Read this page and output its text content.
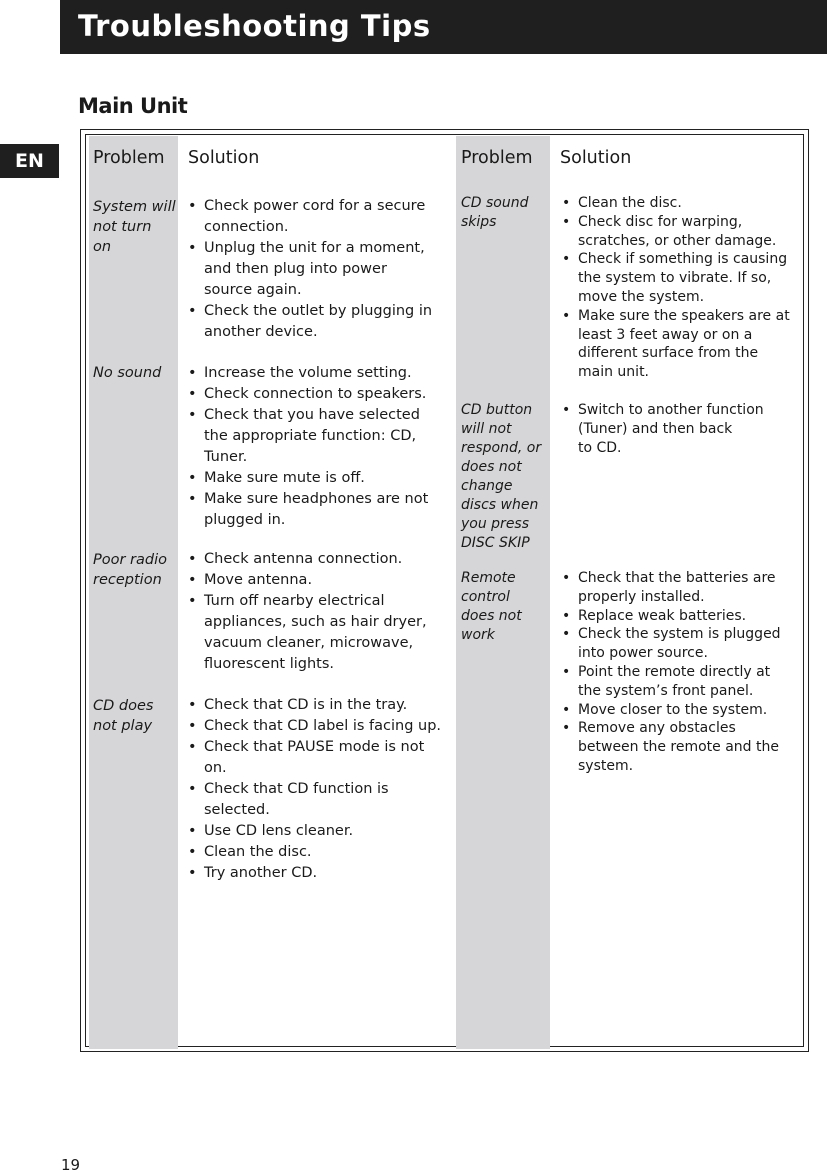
Troubleshooting Tips
EN
Main Unit
Problem Solution	Problem Solution
System will
not turn
on
• Check power cord for a secure
connection.
• Unplug the unit for a moment,
and then plug into power
source again.
• Check the outlet by plugging in
another device.
No sound
•	Increase the volume setting.
• Check connection to speakers.
• Check that you have selected
the appropriate function: CD,
Tuner.
• Make sure mute is off.
• Make sure headphones are not
plugged in.
Poor radio
reception
• Check antenna connection.
• Move antenna.
• Turn off nearby electrical
appliances, such as hair dryer,
vacuum cleaner, microwave,
fluorescent lights.
CD does
not play
• Check that CD is in the tray.
• Check that CD label is facing up.
• Check that PAUSE mode is not
on.
• Check that CD function is
selected.
• Use CD lens cleaner.
• Clean the disc.
• Try another CD.
CD sound
skips
• Clean the disc.
• Check disc for warping,
scratches, or other damage.
• Check if something is causing
the system to vibrate. If so,
move the system.
• Make sure the speakers are at
least 3 feet away or on a
different surface from the
main unit.
CD button
will not
respond, or
does not
change
discs when
you press
DISC SKIP
• Switch to another function
(Tuner) and then back
to CD.
Remote
control
does not
work
• Check that the batteries are
properly installed.
• Replace weak batteries.
• Check the system is plugged
into power source.
• Point the remote directly at
the system’s front panel.
• Move closer to the system.
• Remove any obstacles
between the remote and the
system.
19
